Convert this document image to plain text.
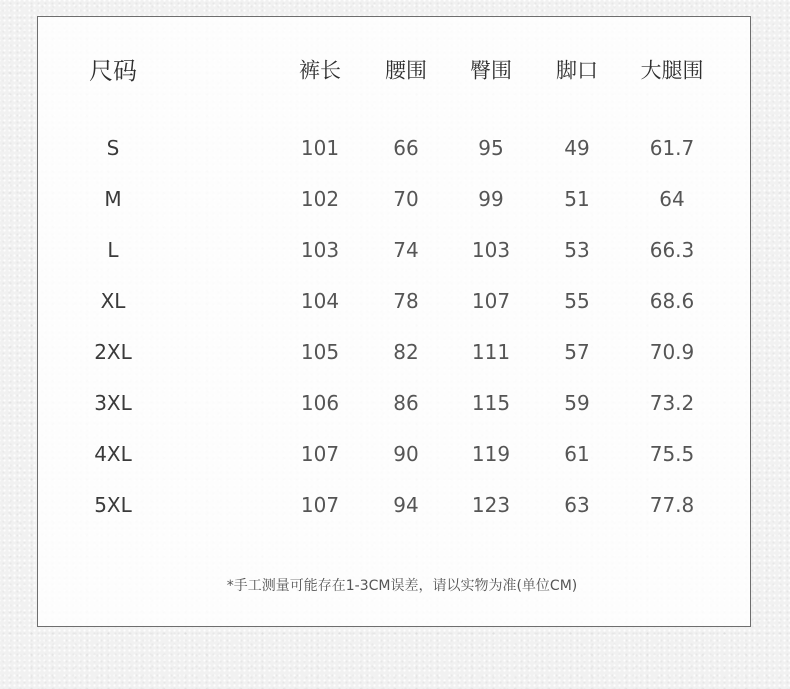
尺码	裤长 腰围 臀围 脚口 大腿围
S	101	66	95	49	61.7
M	102	70	99	51	64
L	103	74	103	53	66.3
XL	104	78	107	55	68.6
2XL	105	82	111	57	70.9
3XL	106	86	115	59	73.2
4XL	107	90	119	61	75.5
5XL	107	94	123	63	77.8
*手工测量可能存在1-3CM误差，请以实物为准(单位CM)
